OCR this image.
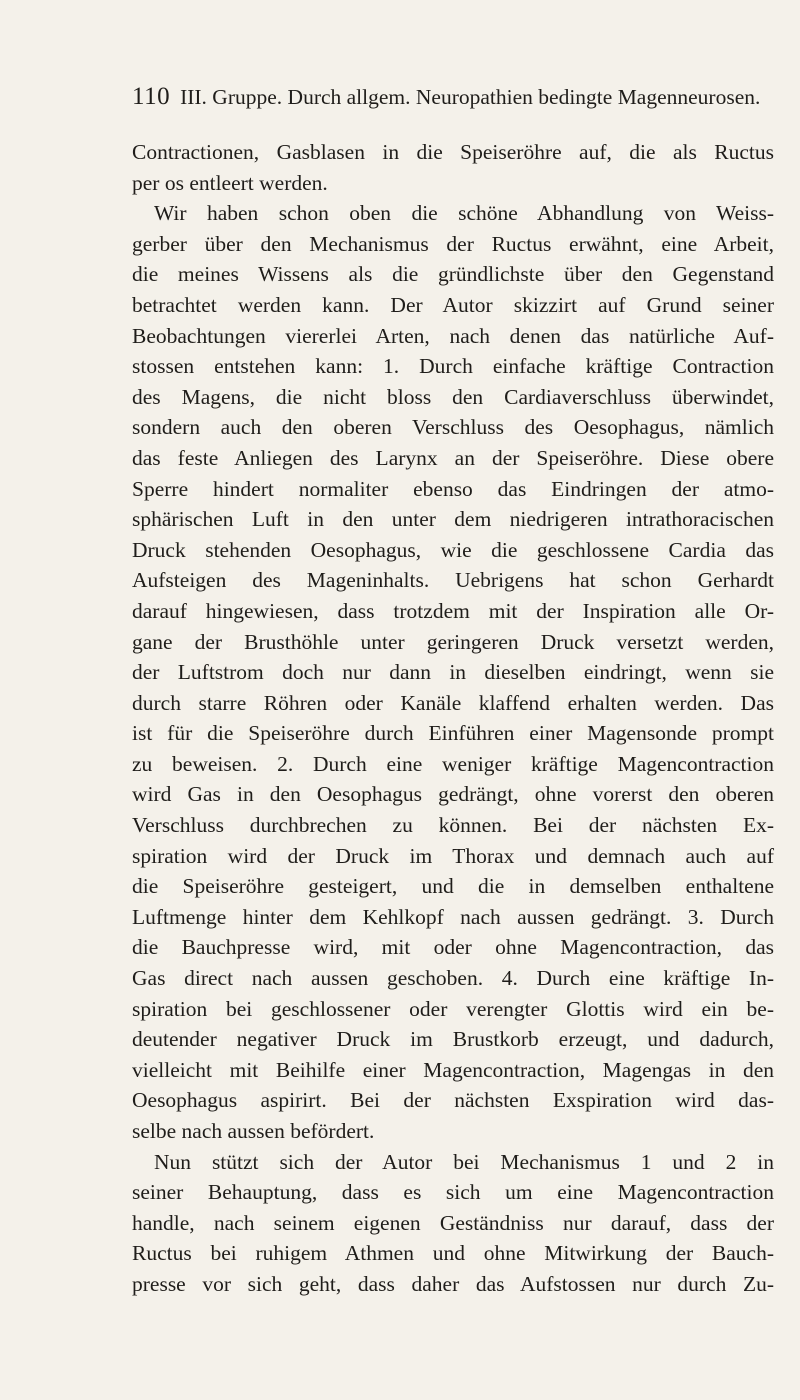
110 III. Gruppe. Durch allgem. Neuropathien bedingte Magenneurosen.
Contractionen, Gasblasen in die Speiseröhre auf, die als Ructus
per os entleert werden.
Wir haben schon oben die schöne Abhandlung von Weiss-
gerber über den Mechanismus der Ructus erwähnt, eine Arbeit,
die meines Wissens als die gründlichste über den Gegenstand
betrachtet werden kann. Der Autor skizzirt auf Grund seiner
Beobachtungen viererlei Arten, nach denen das natürliche Auf-
stossen entstehen kann: 1. Durch einfache kräftige Contraction
des Magens, die nicht bloss den Cardiaverschluss überwindet,
sondern auch den oberen Verschluss des Oesophagus, nämlich
das feste Anliegen des Larynx an der Speiseröhre. Diese obere
Sperre hindert normaliter ebenso das Eindringen der atmo-
sphärischen Luft in den unter dem niedrigeren intrathoracischen
Druck stehenden Oesophagus, wie die geschlossene Cardia das
Aufsteigen des Mageninhalts. Uebrigens hat schon Gerhardt
darauf hingewiesen, dass trotzdem mit der Inspiration alle Or-
gane der Brusthöhle unter geringeren Druck versetzt werden,
der Luftstrom doch nur dann in dieselben eindringt, wenn sie
durch starre Röhren oder Kanäle klaffend erhalten werden. Das
ist für die Speiseröhre durch Einführen einer Magensonde prompt
zu beweisen. 2. Durch eine weniger kräftige Magencontraction
wird Gas in den Oesophagus gedrängt, ohne vorerst den oberen
Verschluss durchbrechen zu können. Bei der nächsten Ex-
spiration wird der Druck im Thorax und demnach auch auf
die Speiseröhre gesteigert, und die in demselben enthaltene
Luftmenge hinter dem Kehlkopf nach aussen gedrängt. 3. Durch
die Bauchpresse wird, mit oder ohne Magencontraction, das
Gas direct nach aussen geschoben. 4. Durch eine kräftige In-
spiration bei geschlossener oder verengter Glottis wird ein be-
deutender negativer Druck im Brustkorb erzeugt, und dadurch,
vielleicht mit Beihilfe einer Magencontraction, Magengas in den
Oesophagus aspirirt. Bei der nächsten Exspiration wird das-
selbe nach aussen befördert.
Nun stützt sich der Autor bei Mechanismus 1 und 2 in
seiner Behauptung, dass es sich um eine Magencontraction
handle, nach seinem eigenen Geständniss nur darauf, dass der
Ructus bei ruhigem Athmen und ohne Mitwirkung der Bauch-
presse vor sich geht, dass daher das Aufstossen nur durch Zu-
